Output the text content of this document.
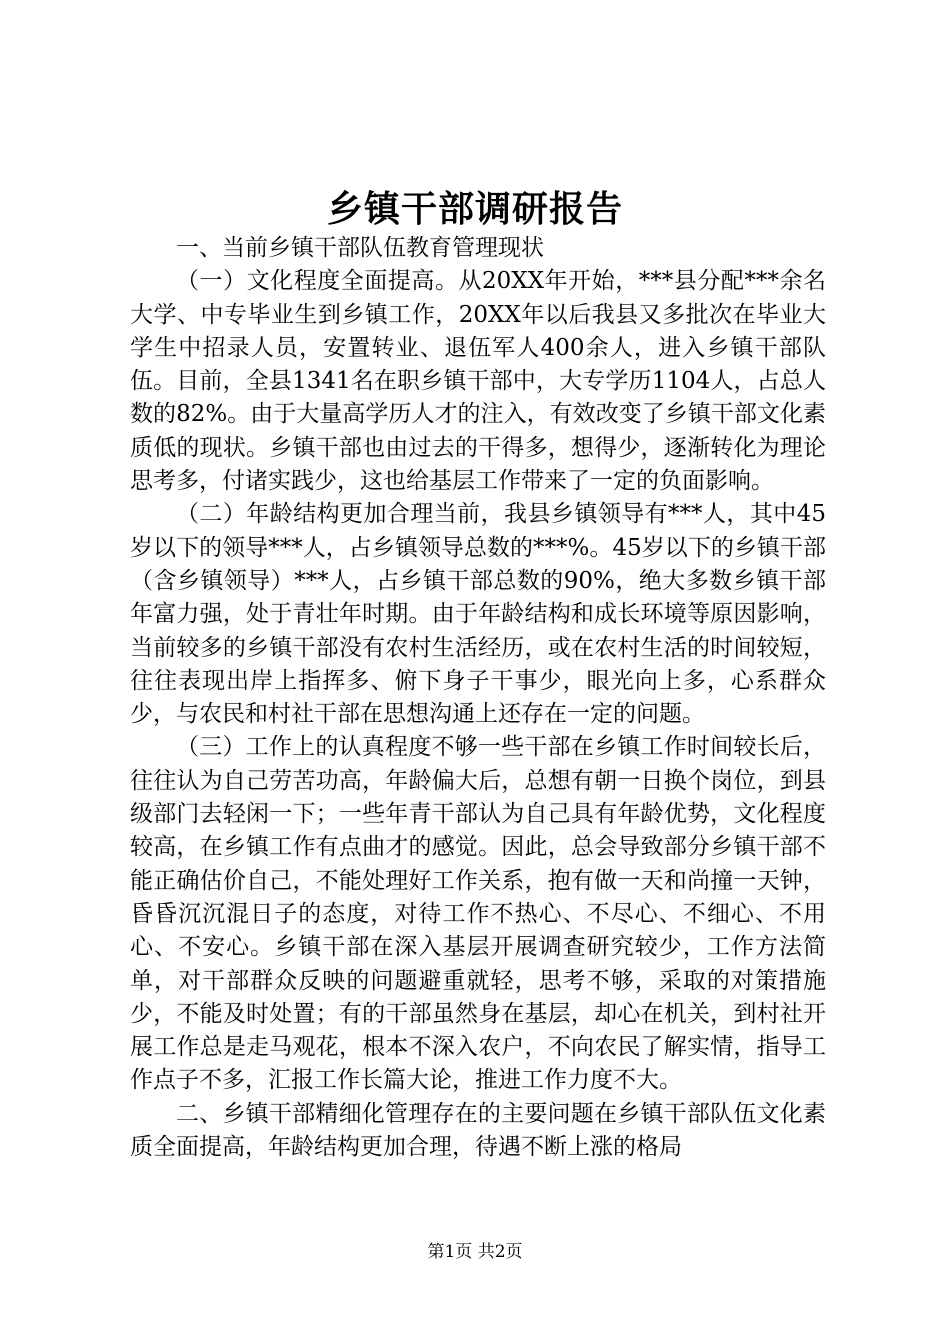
乡镇干部调研报告

一、当前乡镇干部队伍教育管理现状

（一）文化程度全面提高。从20XX年开始，***县分配***余名大学、中专毕业生到乡镇工作，20XX年以后我县又多批次在毕业大学生中招录人员，安置转业、退伍军人400余人，进入乡镇干部队伍。目前，全县1341名在职乡镇干部中，大专学历1104人，占总人数的82%。由于大量高学历人才的注入，有效改变了乡镇干部文化素质低的现状。乡镇干部也由过去的干得多，想得少，逐渐转化为理论思考多，付诸实践少，这也给基层工作带来了一定的负面影响。

（二）年龄结构更加合理当前，我县乡镇领导有***人，其中45岁以下的领导***人，占乡镇领导总数的***%。45岁以下的乡镇干部（含乡镇领导）***人，占乡镇干部总数的90%，绝大多数乡镇干部年富力强，处于青壮年时期。由于年龄结构和成长环境等原因影响，当前较多的乡镇干部没有农村生活经历，或在农村生活的时间较短，往往表现出岸上指挥多、俯下身子干事少，眼光向上多，心系群众少，与农民和村社干部在思想沟通上还存在一定的问题。

（三）工作上的认真程度不够一些干部在乡镇工作时间较长后，往往认为自己劳苦功高，年龄偏大后，总想有朝一日换个岗位，到县级部门去轻闲一下；一些年青干部认为自己具有年龄优势，文化程度较高，在乡镇工作有点曲才的感觉。因此，总会导致部分乡镇干部不能正确估价自己，不能处理好工作关系，抱有做一天和尚撞一天钟，昏昏沉沉混日子的态度，对待工作不热心、不尽心、不细心、不用心、不安心。乡镇干部在深入基层开展调查研究较少，工作方法简单，对干部群众反映的问题避重就轻，思考不够，采取的对策措施少，不能及时处置；有的干部虽然身在基层，却心在机关，到村社开展工作总是走马观花，根本不深入农户，不向农民了解实情，指导工作点子不多，汇报工作长篇大论，推进工作力度不大。

二、乡镇干部精细化管理存在的主要问题在乡镇干部队伍文化素质全面提高，年龄结构更加合理，待遇不断上涨的格局

第1页 共2页
